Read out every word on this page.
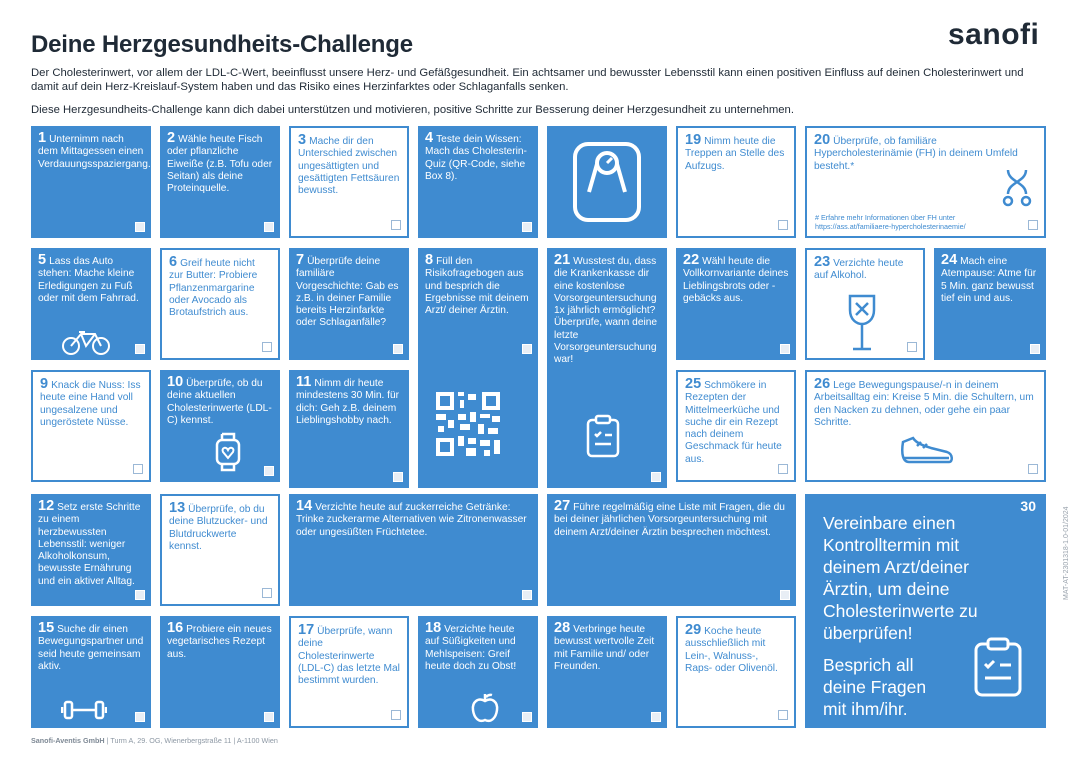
Deine Herzgesundheits-Challenge	sanofi
Der Cholesterinwert, vor allem der LDL-C-Wert, beeinflusst unsere Herz- und Gefäßgesundheit. Ein achtsamer und bewusster Lebensstil kann einen positiven Einfluss auf deinen Cholesterinwert und damit auf dein Herz-Kreislauf-System haben und das Risiko eines Herzinfarktes oder Schlaganfalls senken.
Diese Herzgesundheits-Challenge kann dich dabei unterstützen und motivieren, positive Schritte zur Besserung deiner Herzgesundheit zu unternehmen.
1 Unternimm nach dem Mittagessen einen Verdauungsspaziergang.
2 Wähle heute Fisch oder pflanzliche Eiweiße (z.B. Tofu oder Seitan) als deine Proteinquelle.
3 Mache dir den Unterschied zwischen ungesättigten und gesättigten Fettsäuren bewusst.
4 Teste dein Wissen: Mach das Cholesterin-Quiz (QR-Code, siehe Box 8).
19 Nimm heute die Treppen an Stelle des Aufzugs.
20 Überprüfe, ob familiäre Hypercholesterinämie (FH) in deinem Umfeld besteht.*
# Erfahre mehr Informationen über FH unter https://ass.at/familiaere-hypercholesterinaemie/
5 Lass das Auto stehen: Mache kleine Erledigungen zu Fuß oder mit dem Fahrrad.
6 Greif heute nicht zur Butter: Probiere Pflanzenmargarine oder Avocado als Brotaufstrich aus.
7 Überprüfe deine familiäre Vorgeschichte: Gab es z.B. in deiner Familie bereits Herzinfarkte oder Schlaganfälle?
8 Füll den Risikofragebogen aus und besprich die Ergebnisse mit deinem Arzt/ deiner Ärztin.
21 Wusstest du, dass die Krankenkasse dir eine kostenlose Vorsorgeuntersuchung 1x jährlich ermöglicht? Überprüfe, wann deine letzte Vorsorgeuntersuchung war!
22 Wähl heute die Vollkornvariante deines Lieblingsbrots oder -gebäcks aus.
23 Verzichte heute auf Alkohol.
24 Mach eine Atempause: Atme für 5 Min. ganz bewusst tief ein und aus.
9 Knack die Nuss: Iss heute eine Hand voll ungesalzene und ungeröstete Nüsse.
10 Überprüfe, ob du deine aktuellen Cholesterinwerte (LDL-C) kennst.
11 Nimm dir heute mindestens 30 Min. für dich: Geh z.B. deinem Lieblingshobby nach.
25 Schmökere in Rezepten der Mittelmeerküche und suche dir ein Rezept nach deinem Geschmack für heute aus.
26 Lege Bewegungspause/-n in deinem Arbeitsalltag ein: Kreise 5 Min. die Schultern, um den Nacken zu dehnen, oder gehe ein paar Schritte.
12 Setz erste Schritte zu einem herzbewussten Lebensstil: weniger Alkoholkonsum, bewusste Ernährung und ein aktiver Alltag.
13 Überprüfe, ob du deine Blutzucker- und Blutdruckwerte kennst.
14 Verzichte heute auf zuckerreiche Getränke: Trinke zuckerarme Alternativen wie Zitronenwasser oder ungesüßten Früchtetee.
27 Führe regelmäßig eine Liste mit Fragen, die du bei deiner jährlichen Vorsorgeuntersuchung mit deinem Arzt/deiner Ärztin besprechen möchtest.
30
Vereinbare einen Kontrolltermin mit deinem Arzt/deiner Ärztin, um deine Cholesterinwerte zu überprüfen!
Besprich all deine Fragen mit ihm/ihr.
15 Suche dir einen Bewegungspartner und seid heute gemeinsam aktiv.
16 Probiere ein neues vegetarisches Rezept aus.
17 Überprüfe, wann deine Cholesterinwerte (LDL-C) das letzte Mal bestimmt wurden.
18 Verzichte heute auf Süßigkeiten und Mehlspeisen: Greif heute doch zu Obst!
28 Verbringe heute bewusst wertvolle Zeit mit Familie und/ oder Freunden.
29 Koche heute ausschließlich mit Lein-, Walnuss-, Raps- oder Olivenöl.
Sanofi-Aventis GmbH | Turm A, 29. OG, Wienerbergstraße 11 | A-1100 Wien
MAT-AT-2301318-1.0-01/2024
